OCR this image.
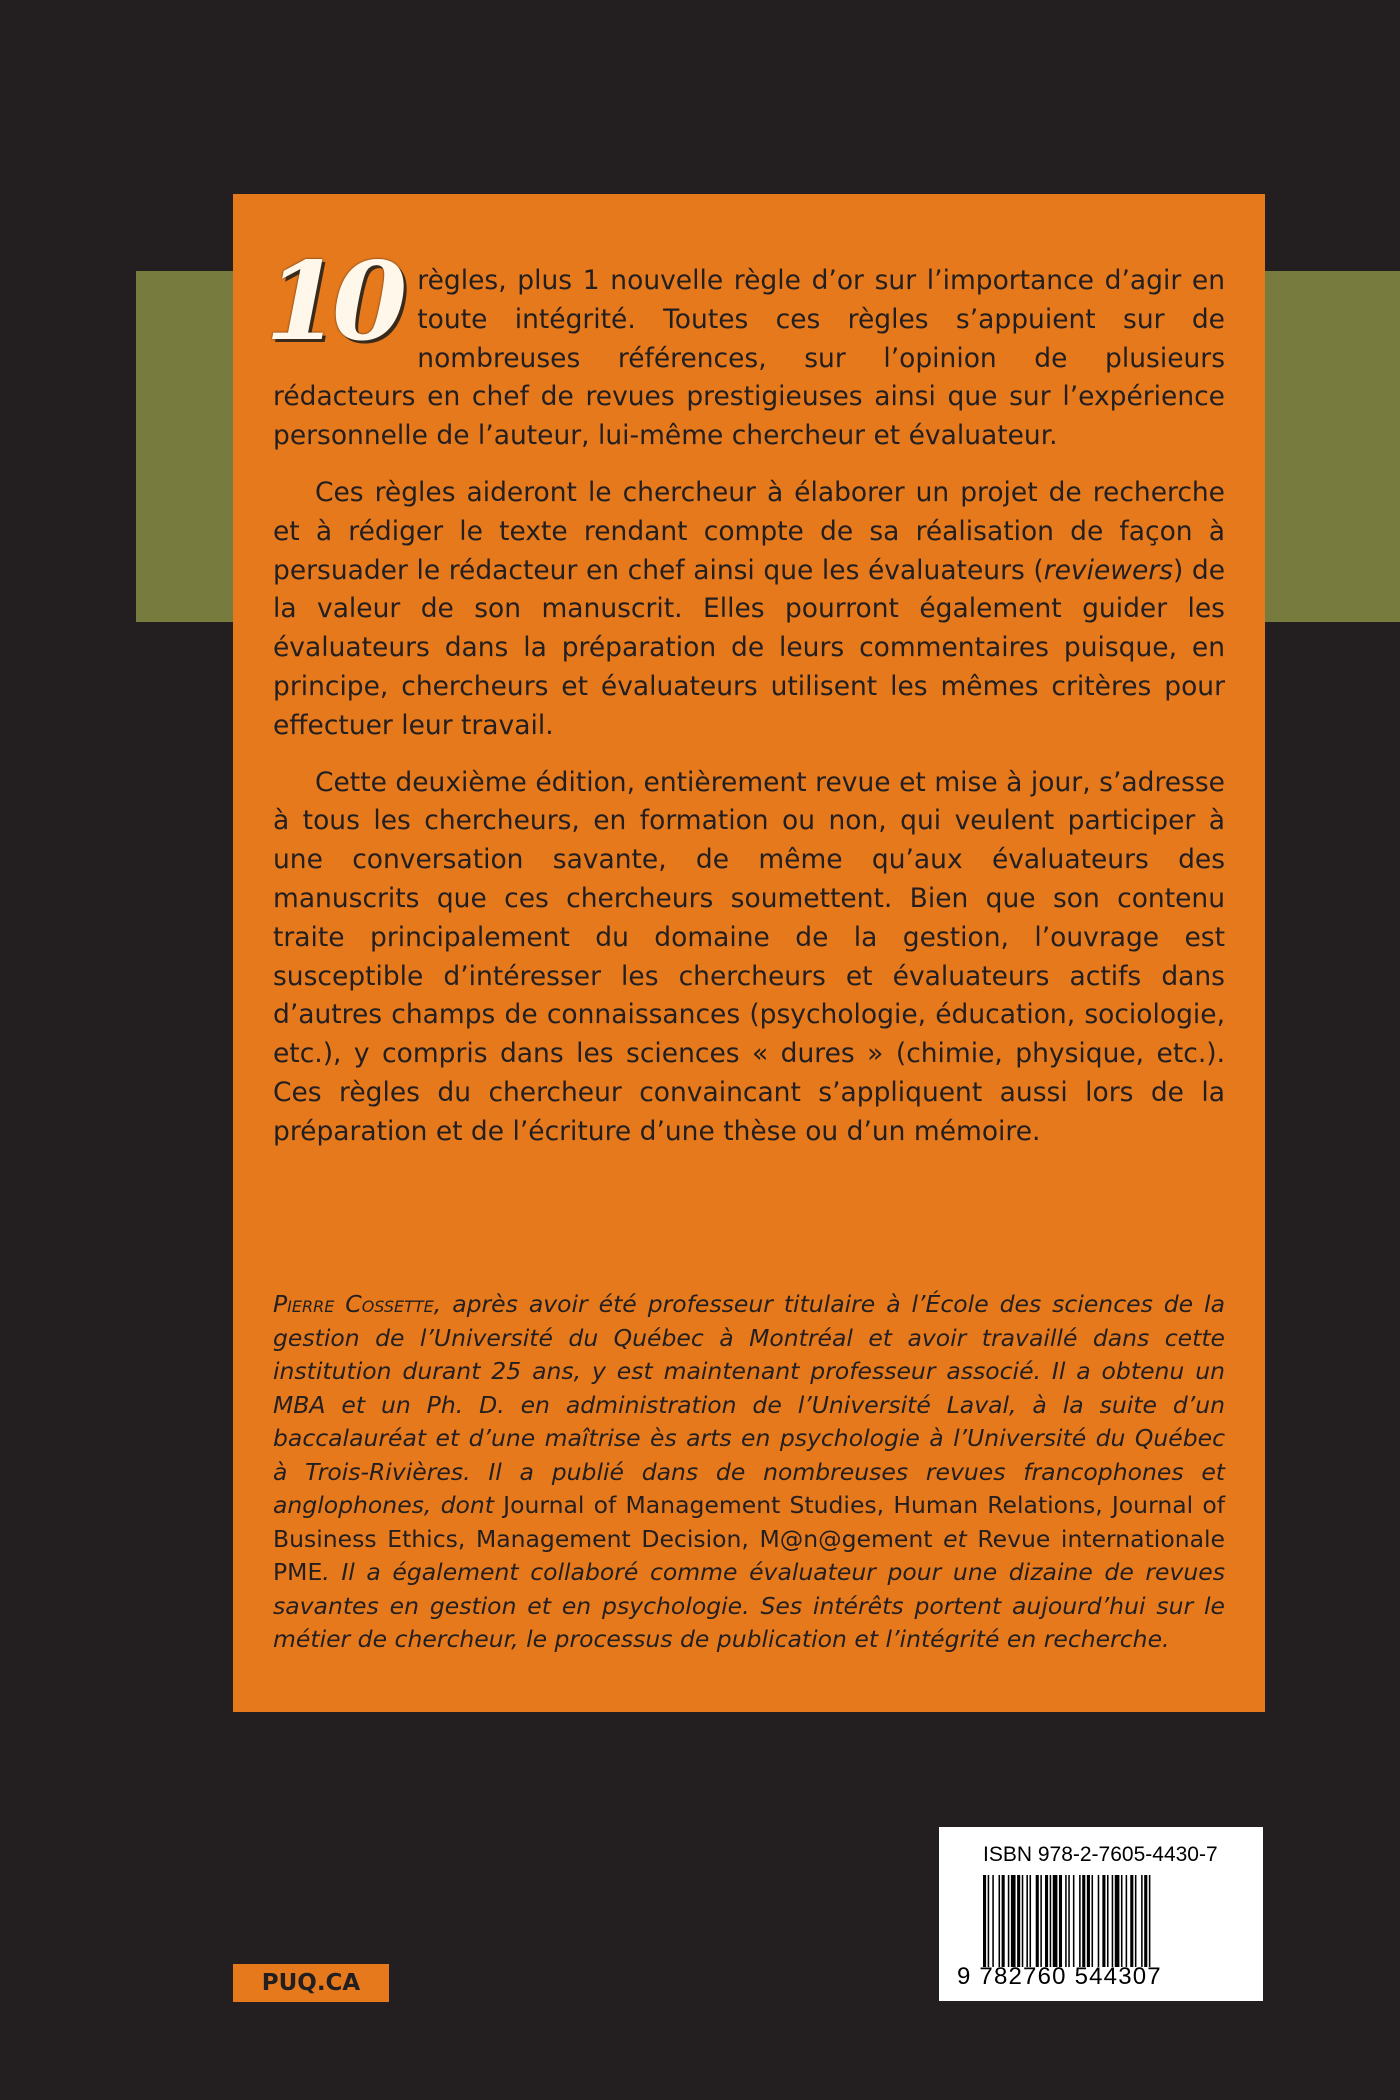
10 règles, plus 1 nouvelle règle d’or sur l’importance d’agir en toute intégrité. Toutes ces règles s’appuient sur de nombreuses références, sur l’opinion de plusieurs rédacteurs en chef de revues prestigieuses ainsi que sur l’expérience personnelle de l’auteur, lui-même chercheur et évaluateur.

Ces règles aideront le chercheur à élaborer un projet de recherche et à rédiger le texte rendant compte de sa réalisation de façon à persuader le rédacteur en chef ainsi que les évaluateurs (reviewers) de la valeur de son manuscrit. Elles pourront également guider les évaluateurs dans la préparation de leurs commentaires puisque, en principe, chercheurs et évaluateurs utilisent les mêmes critères pour effectuer leur travail.

Cette deuxième édition, entièrement revue et mise à jour, s’adresse à tous les chercheurs, en formation ou non, qui veulent participer à une conversation savante, de même qu’aux évaluateurs des manuscrits que ces chercheurs soumettent. Bien que son contenu traite principalement du domaine de la gestion, l’ouvrage est susceptible d’intéresser les chercheurs et évaluateurs actifs dans d’autres champs de connaissances (psychologie, éducation, sociologie, etc.), y compris dans les sciences « dures » (chimie, physique, etc.). Ces règles du chercheur convaincant s’appliquent aussi lors de la préparation et de l’écriture d’une thèse ou d’un mémoire.

Pierre Cossette, après avoir été professeur titulaire à l’École des sciences de la gestion de l’Université du Québec à Montréal et avoir travaillé dans cette institution durant 25 ans, y est maintenant professeur associé. Il a obtenu un MBA et un Ph. D. en administration de l’Université Laval, à la suite d’un baccalauréat et d’une maîtrise ès arts en psychologie à l’Université du Québec à Trois-Rivières. Il a publié dans de nombreuses revues francophones et anglophones, dont Journal of Management Studies, Human Relations, Journal of Business Ethics, Management Decision, M@n@gement et Revue internationale PME. Il a également collaboré comme évaluateur pour une dizaine de revues savantes en gestion et en psychologie. Ses intérêts portent aujourd’hui sur le métier de chercheur, le processus de publication et l’intégrité en recherche.
ISBN 978-2-7605-4430-7
9 782760 544307
PUQ.CA
